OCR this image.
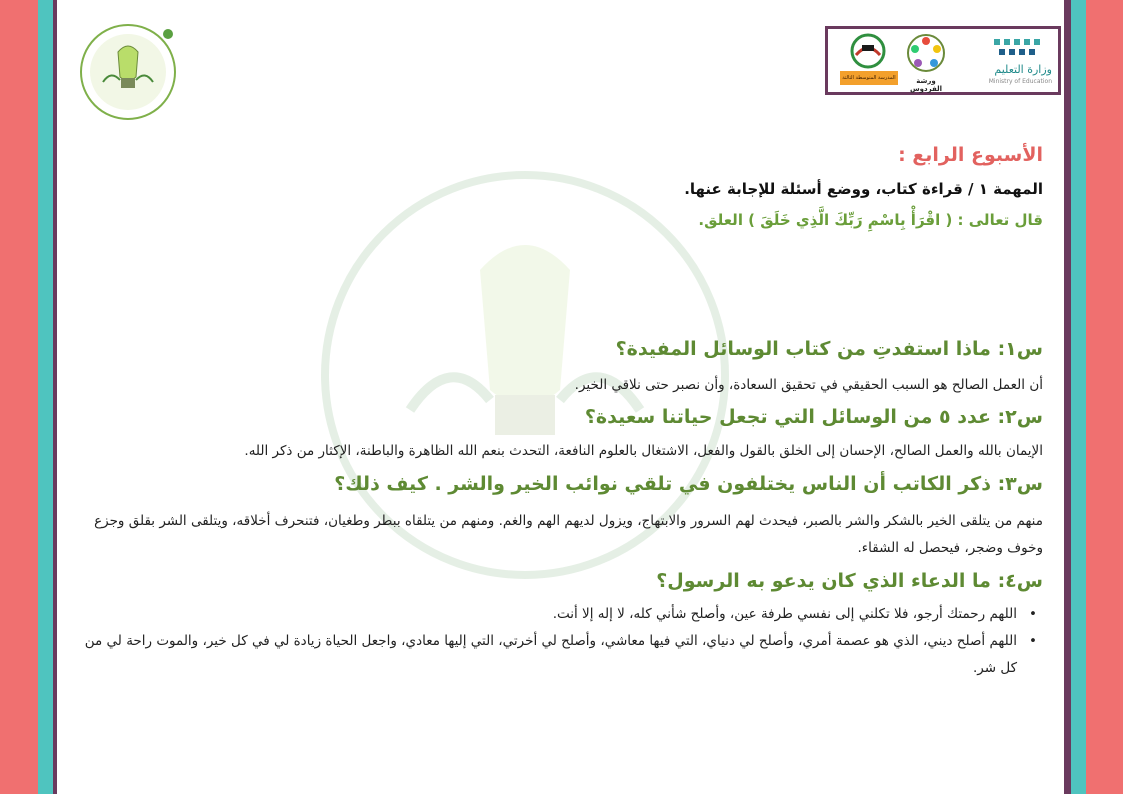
المدرسة المتوسطة الثالثة	ورشة الفردوس
وزارة التعليم
Ministry of Education
الأسبوع الرابع :
المهمة ١ / قراءة كتاب، ووضع أسئلة للإجابة عنها.
قال تعالى : ( اقْرَأْ بِاسْمِ رَبِّكَ الَّذِي خَلَقَ ) العلق.
س١: ماذا استفدتِ من كتاب الوسائل المفيدة؟
أن العمل الصالح هو السبب الحقيقي في تحقيق السعادة، وأن نصبر حتى نلاقي الخير.
س٢: عدد ٥ من الوسائل التي تجعل حياتنا سعيدة؟
الإيمان بالله والعمل الصالح، الإحسان إلى الخلق بالقول والفعل، الاشتغال بالعلوم النافعة، التحدث بنعم الله الظاهرة والباطنة، الإكثار من ذكر الله.
س٣: ذكر الكاتب أن الناس يختلفون في تلقي نوائب الخير والشر . كيف ذلك؟
منهم من يتلقى الخير بالشكر والشر بالصبر، فيحدث لهم السرور والابتهاج، ويزول لديهم الهم والغم. ومنهم من يتلقاه ببطر وطغيان، فتنحرف أخلاقه، ويتلقى الشر بقلق وجزع وخوف وضجر، فيحصل له الشقاء.
س٤: ما الدعاء الذي كان يدعو به الرسول؟
•
اللهم رحمتك أرجو، فلا تكلني إلى نفسي طرفة عين، وأصلح شأني كله، لا إله إلا أنت.
•
اللهم أصلح ديني، الذي هو عصمة أمري، وأصلح لي دنياي، التي فيها معاشي، وأصلح لي أخرتي، التي إليها معادي، واجعل الحياة زيادة لي في كل خير، والموت راحة لي من كل شر.
